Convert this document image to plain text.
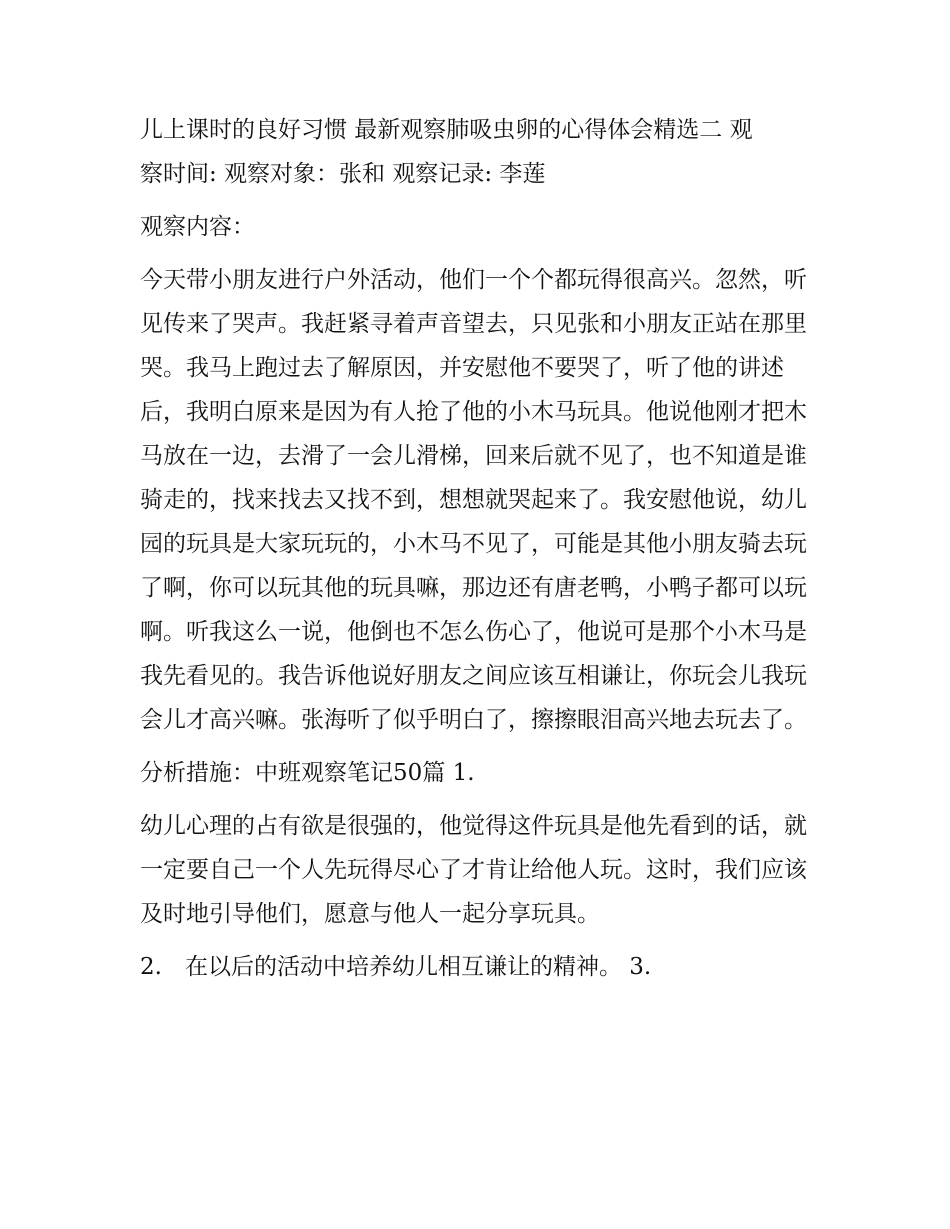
儿上课时的良好习惯 最新观察肺吸虫卵的心得体会精选二 观

察时间: 观察对象：张和 观察记录: 李莲

观察内容：

今天带小朋友进行户外活动，他们一个个都玩得很高兴。忽然，听见传来了哭声。我赶紧寻着声音望去，只见张和小朋友正站在那里哭。我马上跑过去了解原因，并安慰他不要哭了，听了他的讲述后，我明白原来是因为有人抢了他的小木马玩具。他说他刚才把木马放在一边，去滑了一会儿滑梯，回来后就不见了，也不知道是谁骑走的，找来找去又找不到，想想就哭起来了。我安慰他说，幼儿园的玩具是大家玩玩的，小木马不见了，可能是其他小朋友骑去玩了啊，你可以玩其他的玩具嘛，那边还有唐老鸭，小鸭子都可以玩啊。听我这么一说，他倒也不怎么伤心了，他说可是那个小木马是我先看见的。我告诉他说好朋友之间应该互相谦让，你玩会儿我玩会儿才高兴嘛。张海听了似乎明白了，擦擦眼泪高兴地去玩去了。

分析措施：中班观察笔记50篇 1.

幼儿心理的占有欲是很强的，他觉得这件玩具是他先看到的话，就一定要自己一个人先玩得尽心了才肯让给他人玩。这时，我们应该及时地引导他们，愿意与他人一起分享玩具。

2.　在以后的活动中培养幼儿相互谦让的精神。 3.
